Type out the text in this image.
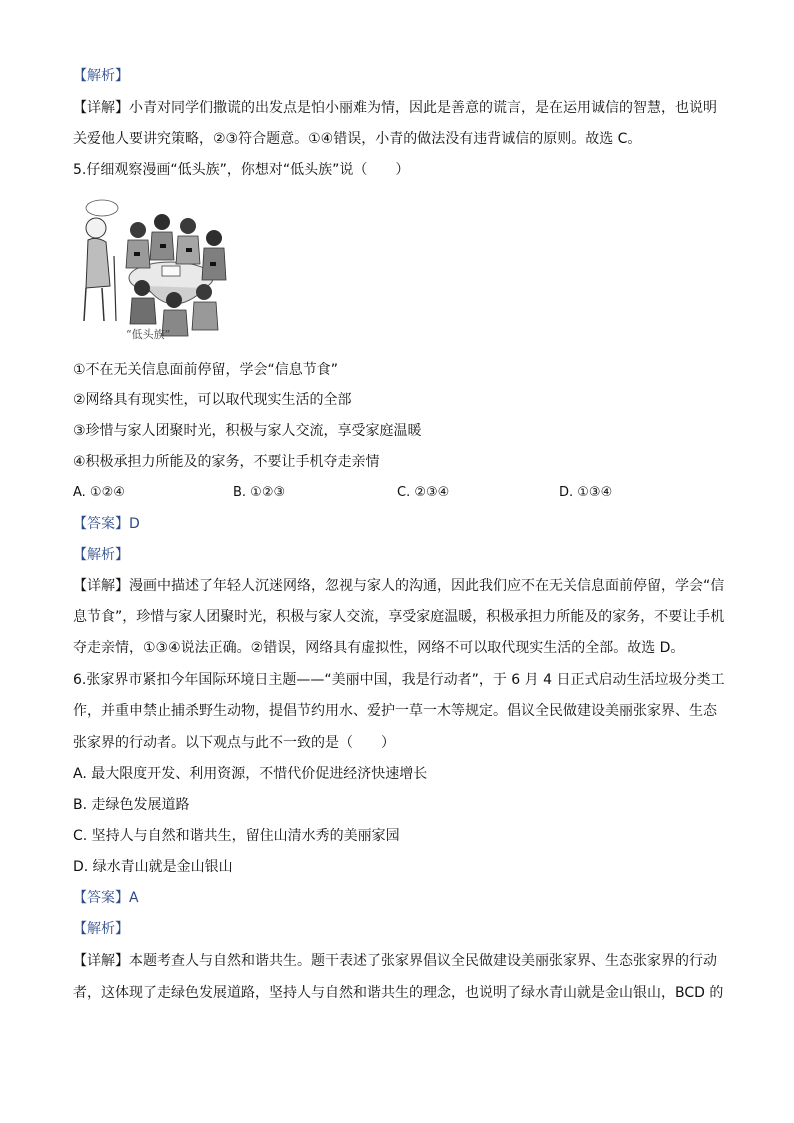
【解析】
【详解】小青对同学们撒谎的出发点是怕小丽难为情，因此是善意的谎言，是在运用诚信的智慧，也说明
关爱他人要讲究策略，②③符合题意。①④错误，小青的做法没有违背诚信的原则。故选 C。
5.仔细观察漫画“低头族”，你想对“低头族”说（　　）
“低头族”
①不在无关信息面前停留，学会“信息节食”
②网络具有现实性，可以取代现实生活的全部
③珍惜与家人团聚时光，积极与家人交流，享受家庭温暖
④积极承担力所能及的家务，不要让手机夺走亲情
A. ①②④	B. ①②③	C. ②③④	D. ①③④
【答案】D
【解析】
【详解】漫画中描述了年轻人沉迷网络，忽视与家人的沟通，因此我们应不在无关信息面前停留，学会“信
息节食”，珍惜与家人团聚时光，积极与家人交流，享受家庭温暖，积极承担力所能及的家务，不要让手机
夺走亲情，①③④说法正确。②错误，网络具有虚拟性，网络不可以取代现实生活的全部。故选 D。
6.张家界市紧扣今年国际环境日主题——“美丽中国，我是行动者”，于 6 月 4 日正式启动生活垃圾分类工
作，并重申禁止捕杀野生动物，提倡节约用水、爱护一草一木等规定。倡议全民做建设美丽张家界、生态
张家界的行动者。以下观点与此不一致的是（　　）
A. 最大限度开发、利用资源，不惜代价促进经济快速增长
B. 走绿色发展道路
C. 坚持人与自然和谐共生，留住山清水秀的美丽家园
D. 绿水青山就是金山银山
【答案】A
【解析】
【详解】本题考查人与自然和谐共生。题干表述了张家界倡议全民做建设美丽张家界、生态张家界的行动
者，这体现了走绿色发展道路，坚持人与自然和谐共生的理念，也说明了绿水青山就是金山银山，BCD 的
